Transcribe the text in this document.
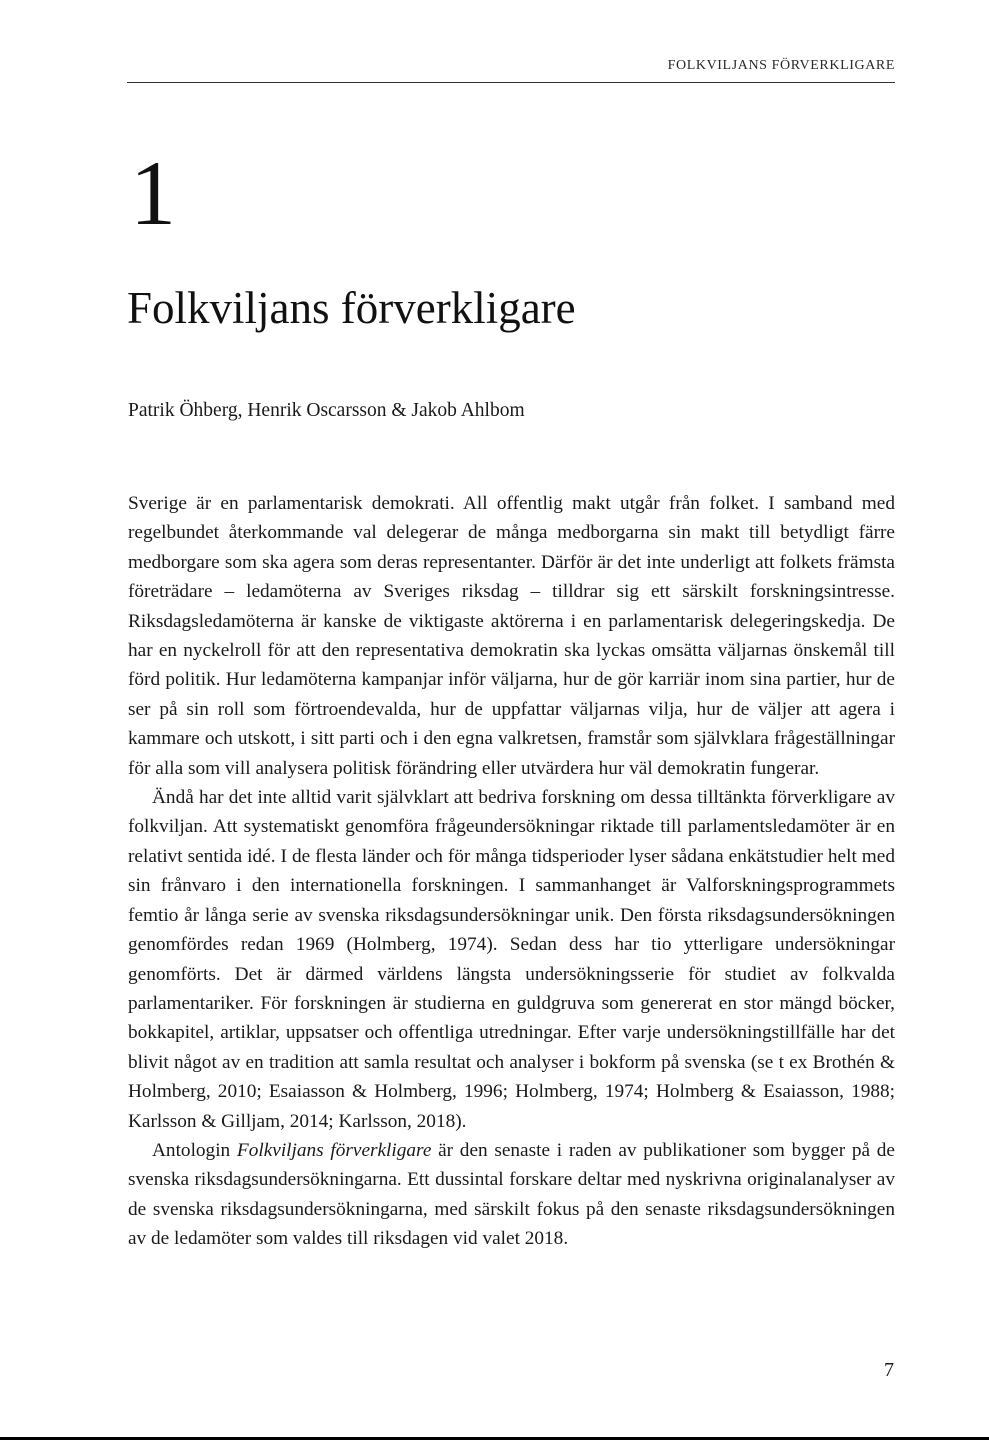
FOLKVILJANS FÖRVERKLIGARE
1
Folkviljans förverkligare
Patrik Öhberg, Henrik Oscarsson & Jakob Ahlbom

Sverige är en parlamentarisk demokrati. All offentlig makt utgår från folket. I samband med regelbundet återkommande val delegerar de många medborgarna sin makt till betydligt färre medborgare som ska agera som deras representanter. Därför är det inte underligt att folkets främsta företrädare – ledamöterna av Sveriges riksdag – tilldrar sig ett särskilt forskningsintresse. Riksdagsledamöterna är kanske de viktigaste aktörerna i en parlamentarisk delegeringskedja. De har en nyckelroll för att den representativa demokratin ska lyckas omsätta väljarnas önskemål till förd politik. Hur ledamöterna kampanjar inför väljarna, hur de gör karriär inom sina partier, hur de ser på sin roll som förtroendevalda, hur de uppfattar väljarnas vilja, hur de väljer att agera i kammare och utskott, i sitt parti och i den egna valkretsen, framstår som självklara frågeställningar för alla som vill analysera politisk förändring eller utvärdera hur väl demokratin fungerar.

Ändå har det inte alltid varit självklart att bedriva forskning om dessa tilltänkta förverkligare av folkviljan. Att systematiskt genomföra frågeundersökningar riktade till parlamentsledamöter är en relativt sentida idé. I de flesta länder och för många tidsperioder lyser sådana enkätstudier helt med sin frånvaro i den internationella forskningen. I sammanhanget är Valforskningsprogrammets femtio år långa serie av svenska riksdagsundersökningar unik. Den första riksdagsundersökningen genomfördes redan 1969 (Holmberg, 1974). Sedan dess har tio ytterligare undersökningar genomförts. Det är därmed världens längsta undersökningsserie för studiet av folkvalda parlamentariker. För forskningen är studierna en guldgruva som genererat en stor mängd böcker, bokkapitel, artiklar, uppsatser och offentliga utredningar. Efter varje undersökningstillfälle har det blivit något av en tradition att samla resultat och analyser i bokform på svenska (se t ex Brothén & Holmberg, 2010; Esaiasson & Holmberg, 1996; Holmberg, 1974; Holmberg & Esaiasson, 1988; Karlsson & Gilljam, 2014; Karlsson, 2018).

Antologin Folkviljans förverkligare är den senaste i raden av publikationer som bygger på de svenska riksdagsundersökningarna. Ett dussintal forskare deltar med nyskrivna originalanalyser av de svenska riksdagsundersökningarna, med särskilt fokus på den senaste riksdagsundersökningen av de ledamöter som valdes till riksdagen vid valet 2018.

7
